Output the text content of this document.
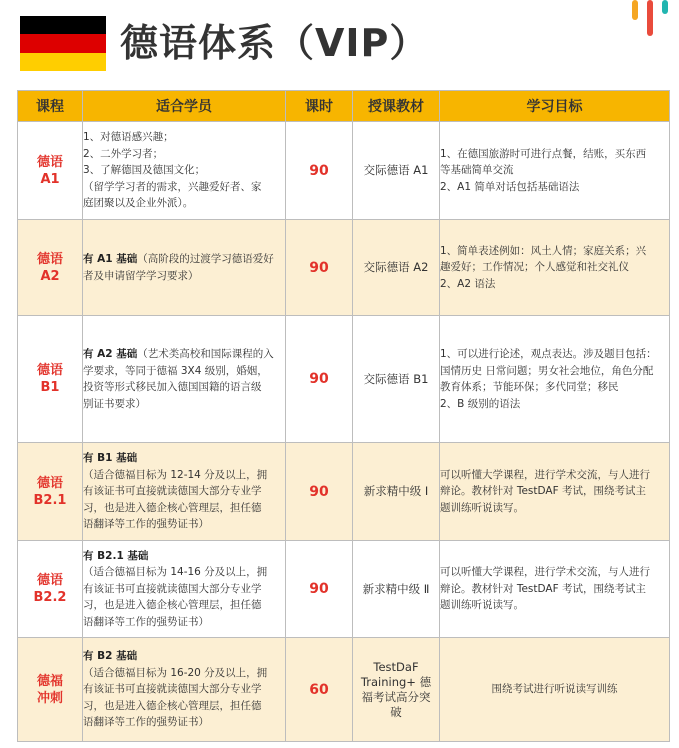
德语体系（VIP）
课程	适合学员	课时	授课教材	学习目标

德语
A1	1、对德语感兴趣；
2、二外学习者；
3、了解德国及德国文化；
（留学学习者的需求，兴趣爱好者、家
庭团聚以及企业外派）。	90	交际德语 A1	1、在德国旅游时可进行点餐，结账，买东西
等基础简单交流
2、A1 简单对话包括基础语法

德语
A2	有 A1 基础（高阶段的过渡学习德语爱好
者及申请留学学习要求）	90	交际德语 A2	1、简单表述例如：风土人情；家庭关系；兴
趣爱好；工作情况；个人感觉和社交礼仪
2、A2 语法

德语
B1	有 A2 基础（艺术类高校和国际课程的入
学要求，等同于德福 3X4 级别，婚姻，
投资等形式移民加入德国国籍的语言级
别证书要求）	90	交际德语 B1	1、可以进行论述，观点表达。涉及题目包括：
国情历史 日常问题；男女社会地位，角色分配
教育体系；节能环保；多代同堂；移民
2、B 级别的语法

德语
B2.1	有 B1 基础
（适合德福目标为 12-14 分及以上，拥
有该证书可直接就读德国大部分专业学
习，也是进入德企核心管理层，担任德
语翻译等工作的强势证书）	90	新求精中级 Ⅰ	可以听懂大学课程，进行学术交流，与人进行
辩论。教材针对 TestDAF 考试，围绕考试主
题训练听说读写。

德语
B2.2	有 B2.1 基础
（适合德福目标为 14-16 分及以上，拥
有该证书可直接就读德国大部分专业学
习，也是进入德企核心管理层，担任德
语翻译等工作的强势证书）	90	新求精中级 Ⅱ	可以听懂大学课程，进行学术交流，与人进行
辩论。教材针对 TestDAF 考试，围绕考试主
题训练听说读写。

德福
冲刺	有 B2 基础
（适合德福目标为 16-20 分及以上，拥
有该证书可直接就读德国大部分专业学
习，也是进入德企核心管理层，担任德
语翻译等工作的强势证书）	60	TestDaF
Training+ 德
福考试高分突
破	围绕考试进行听说读写训练
